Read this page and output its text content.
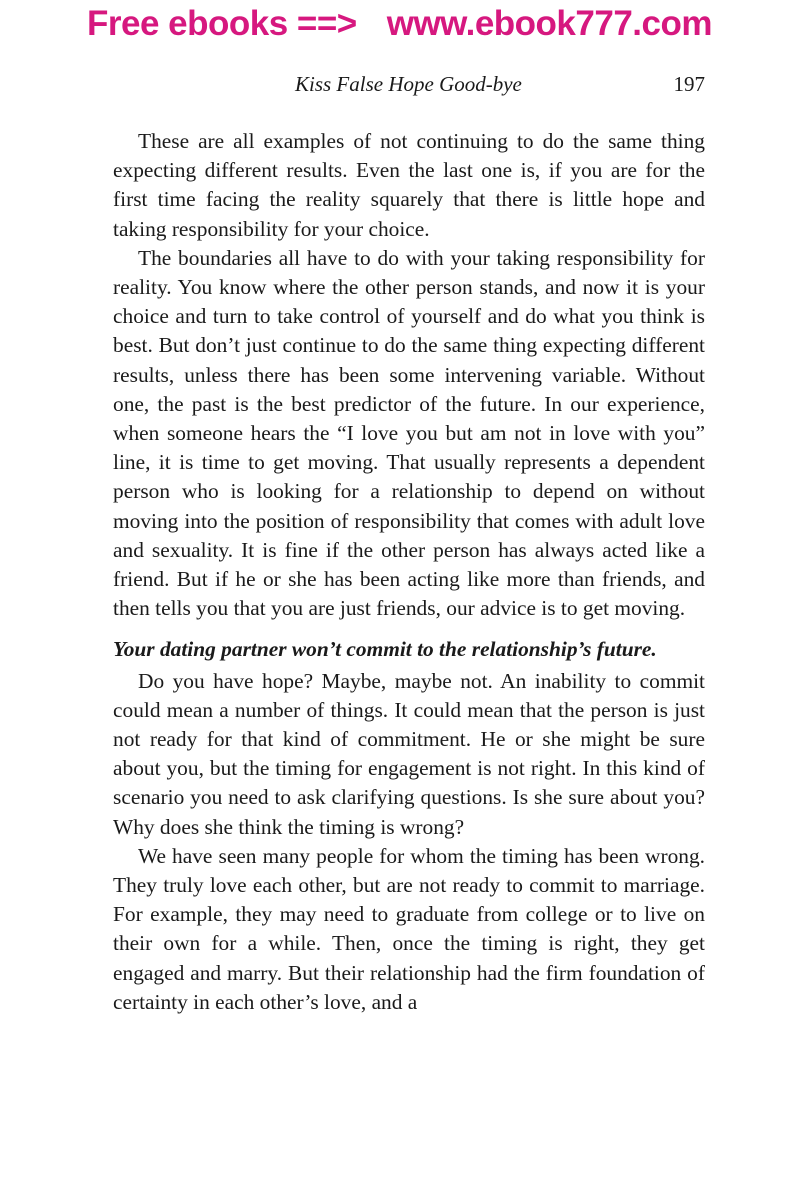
Free ebooks ==> www.ebook777.com
Kiss False Hope Good-bye	197

These are all examples of not continuing to do the same thing expecting different results. Even the last one is, if you are for the first time facing the reality squarely that there is little hope and taking responsibility for your choice.

The boundaries all have to do with your taking responsibility for reality. You know where the other person stands, and now it is your choice and turn to take control of yourself and do what you think is best. But don’t just continue to do the same thing expecting different results, unless there has been some intervening variable. Without one, the past is the best predictor of the future. In our experience, when someone hears the “I love you but am not in love with you” line, it is time to get moving. That usually represents a dependent person who is looking for a relationship to depend on without moving into the position of responsibility that comes with adult love and sexuality. It is fine if the other person has always acted like a friend. But if he or she has been acting like more than friends, and then tells you that you are just friends, our advice is to get moving.

Your dating partner won’t commit to the relationship’s future.

Do you have hope? Maybe, maybe not. An inability to commit could mean a number of things. It could mean that the person is just not ready for that kind of commitment. He or she might be sure about you, but the timing for engagement is not right. In this kind of scenario you need to ask clarifying questions. Is she sure about you? Why does she think the timing is wrong?

We have seen many people for whom the timing has been wrong. They truly love each other, but are not ready to commit to marriage. For example, they may need to graduate from college or to live on their own for a while. Then, once the timing is right, they get engaged and marry. But their relationship had the firm foundation of certainty in each other’s love, and a
